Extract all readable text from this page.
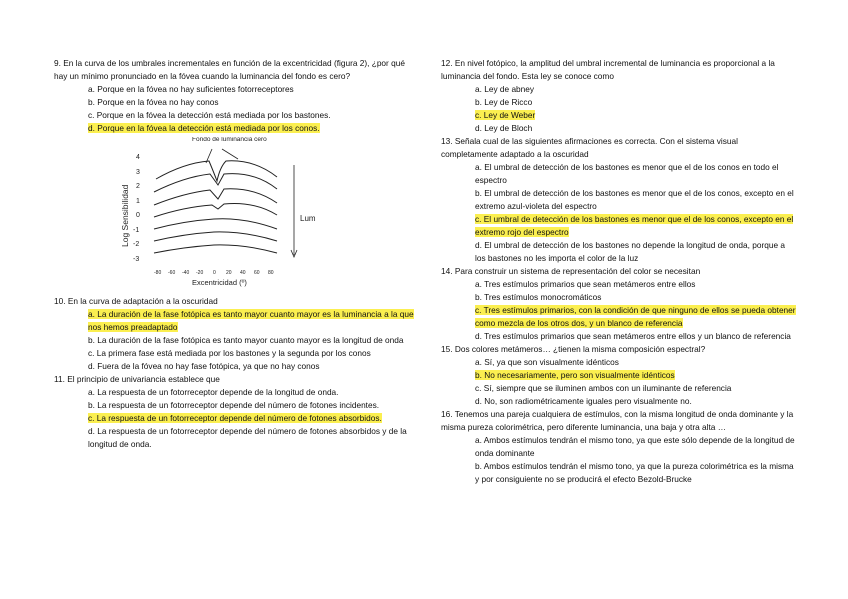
9. En la curva de los umbrales incrementales en función de la excentricidad (figura 2), ¿por qué hay un mínimo pronunciado en la fóvea cuando la luminancia del fondo es cero?

a. Porque en la fóvea no hay suficientes fotorreceptores

b. Porque en la fóvea no hay conos

c. Porque en la fóvea la detección está mediada por los bastones.

d. Porque en la fóvea la detección está mediada por los conos.

Log Sensibilidad
4
3
2
1
0
-1
-2
-3
-80 -60 -40 -20 0 20 40 60 80
Fondo de luminancia cero
Lum
Excentricidad (º)

10. En la curva de adaptación a la oscuridad

a. La duración de la fase fotópica es tanto mayor cuanto mayor es la luminancia a la que nos hemos preadaptado

b. La duración de la fase fotópica es tanto mayor cuanto mayor es la longitud de onda

c. La primera fase está mediada por los bastones y la segunda por los conos

d. Fuera de la fóvea no hay fase fotópica, ya que no hay conos

11. El principio de univariancia establece que

a. La respuesta de un fotorreceptor depende de la longitud de onda.

b. La respuesta de un fotorreceptor depende del número de fotones incidentes.

c. La respuesta de un fotorreceptor depende del número de fotones absorbidos.

d. La respuesta de un fotorreceptor depende del número de fotones absorbidos y de la longitud de onda.

12. En nivel fotópico, la amplitud del umbral incremental de luminancia es proporcional a la luminancia del fondo. Esta ley se conoce como

a. Ley de abney

b. Ley de Ricco

c. Ley de Weber

d. Ley de Bloch

13. Señala cual de las siguientes afirmaciones es correcta. Con el sistema visual completamente adaptado a la oscuridad

a. El umbral de detección de los bastones es menor que el de los conos en todo el espectro

b. El umbral de detección de los bastones es menor que el de los conos, excepto en el extremo azul-violeta del espectro

c. El umbral de detección de los bastones es menor que el de los conos, excepto en el extremo rojo del espectro

d. El umbral de detección de los bastones no depende la longitud de onda, porque a los bastones no les importa el color de la luz

14. Para construir un sistema de representación del color se necesitan

a. Tres estímulos primarios que sean metámeros entre ellos

b. Tres estímulos monocromáticos

c. Tres estímulos primarios, con la condición de que ninguno de ellos se pueda obtener como mezcla de los otros dos, y un blanco de referencia

d. Tres estímulos primarios que sean metámeros entre ellos y un blanco de referencia

15. Dos colores metámeros… ¿tienen la misma composición espectral?

a. Sí, ya que son visualmente idénticos

b. No necesariamente, pero son visualmente idénticos

c. Sí, siempre que se iluminen ambos con un iluminante de referencia

d. No, son radiométricamente iguales pero visualmente no.

16. Tenemos una pareja cualquiera de estímulos, con la misma longitud de onda dominante y la misma pureza colorimétrica, pero diferente luminancia, una baja y otra alta …

a. Ambos estímulos tendrán el mismo tono, ya que este sólo depende de la longitud de onda dominante

b. Ambos estímulos tendrán el mismo tono, ya que la pureza colorimétrica es la misma y por consiguiente no se producirá el efecto Bezold-Brucke
